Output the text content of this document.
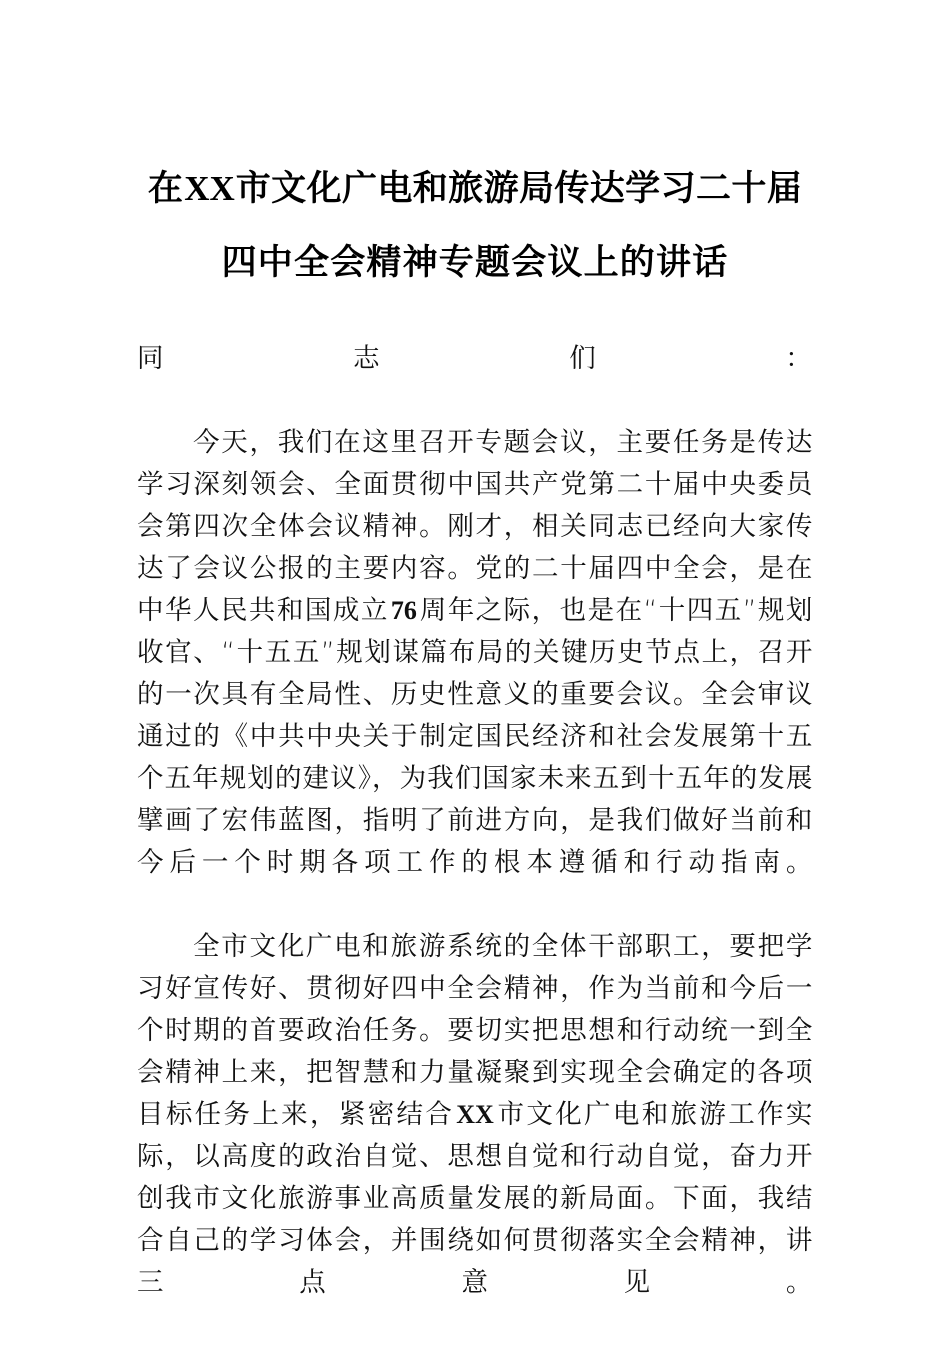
在XX市文化广电和旅游局传达学习二十届
四中全会精神专题会议上的讲话

同志们：

今天，我们在这里召开专题会议，主要任务是传达学习深刻领会、全面贯彻中国共产党第二十届中央委员会第四次全体会议精神。刚才，相关同志已经向大家传达了会议公报的主要内容。党的二十届四中全会，是在中华人民共和国成立76周年之际，也是在“十四五”规划收官、“十五五”规划谋篇布局的关键历史节点上，召开的一次具有全局性、历史性意义的重要会议。全会审议通过的《中共中央关于制定国民经济和社会发展第十五个五年规划的建议》，为我们国家未来五到十五年的发展擘画了宏伟蓝图，指明了前进方向，是我们做好当前和今后一个时期各项工作的根本遵循和行动指南。

全市文化广电和旅游系统的全体干部职工，要把学习好宣传好、贯彻好四中全会精神，作为当前和今后一个时期的首要政治任务。要切实把思想和行动统一到全会精神上来，把智慧和力量凝聚到实现全会确定的各项目标任务上来，紧密结合XX市文化广电和旅游工作实际，以高度的政治自觉、思想自觉和行动自觉，奋力开创我市文化旅游事业高质量发展的新局面。下面，我结合自己的学习体会，并围绕如何贯彻落实全会精神，讲三点意见。
